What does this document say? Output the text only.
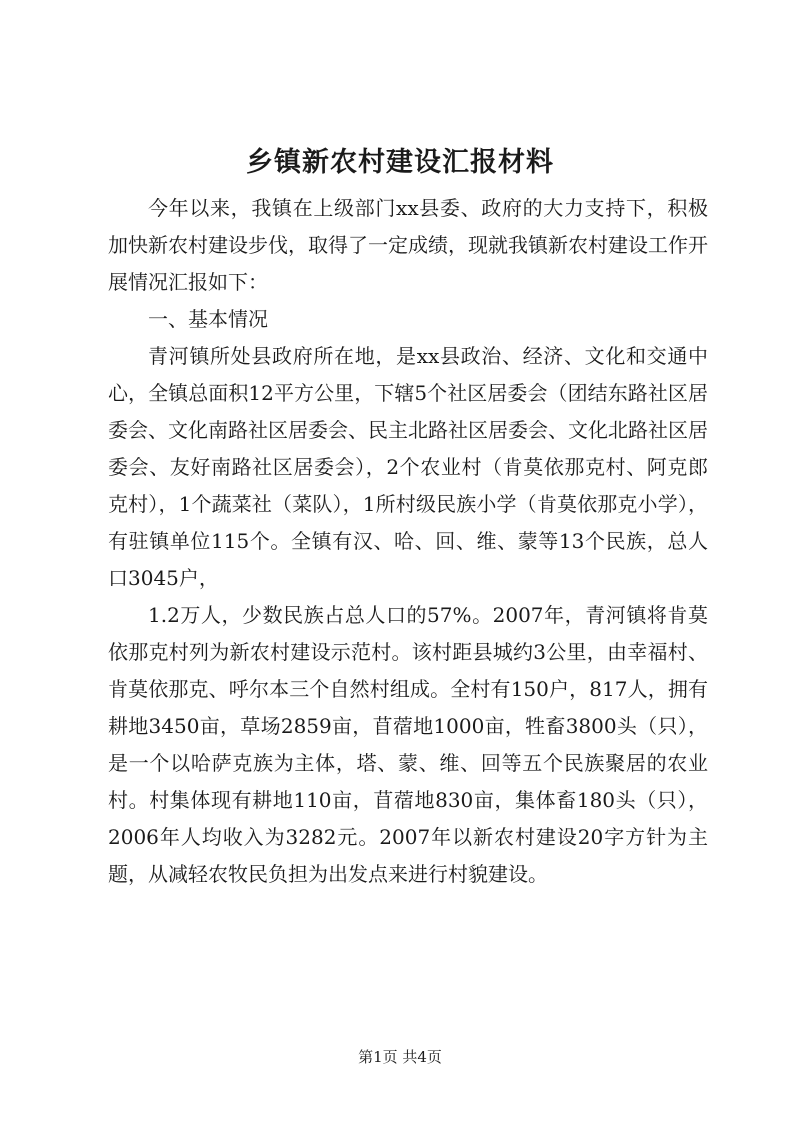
乡镇新农村建设汇报材料

今年以来，我镇在上级部门xx县委、政府的大力支持下，积极加快新农村建设步伐，取得了一定成绩，现就我镇新农村建设工作开展情况汇报如下：

一、基本情况

青河镇所处县政府所在地，是xx县政治、经济、文化和交通中心，全镇总面积12平方公里，下辖5个社区居委会（团结东路社区居委会、文化南路社区居委会、民主北路社区居委会、文化北路社区居委会、友好南路社区居委会），2个农业村（肯莫依那克村、阿克郎克村），1个蔬菜社（菜队），1所村级民族小学（肯莫依那克小学），有驻镇单位115个。全镇有汉、哈、回、维、蒙等13个民族，总人口3045户，

1.2万人，少数民族占总人口的57%。2007年，青河镇将肯莫依那克村列为新农村建设示范村。该村距县城约3公里，由幸福村、肯莫依那克、呼尔本三个自然村组成。全村有150户，817人，拥有耕地3450亩，草场2859亩，苜蓿地1000亩，牲畜3800头（只），是一个以哈萨克族为主体，塔、蒙、维、回等五个民族聚居的农业村。村集体现有耕地110亩，苜蓿地830亩，集体畜180头（只），2006年人均收入为3282元。2007年以新农村建设20字方针为主题，从减轻农牧民负担为出发点来进行村貌建设。

第1页 共4页
